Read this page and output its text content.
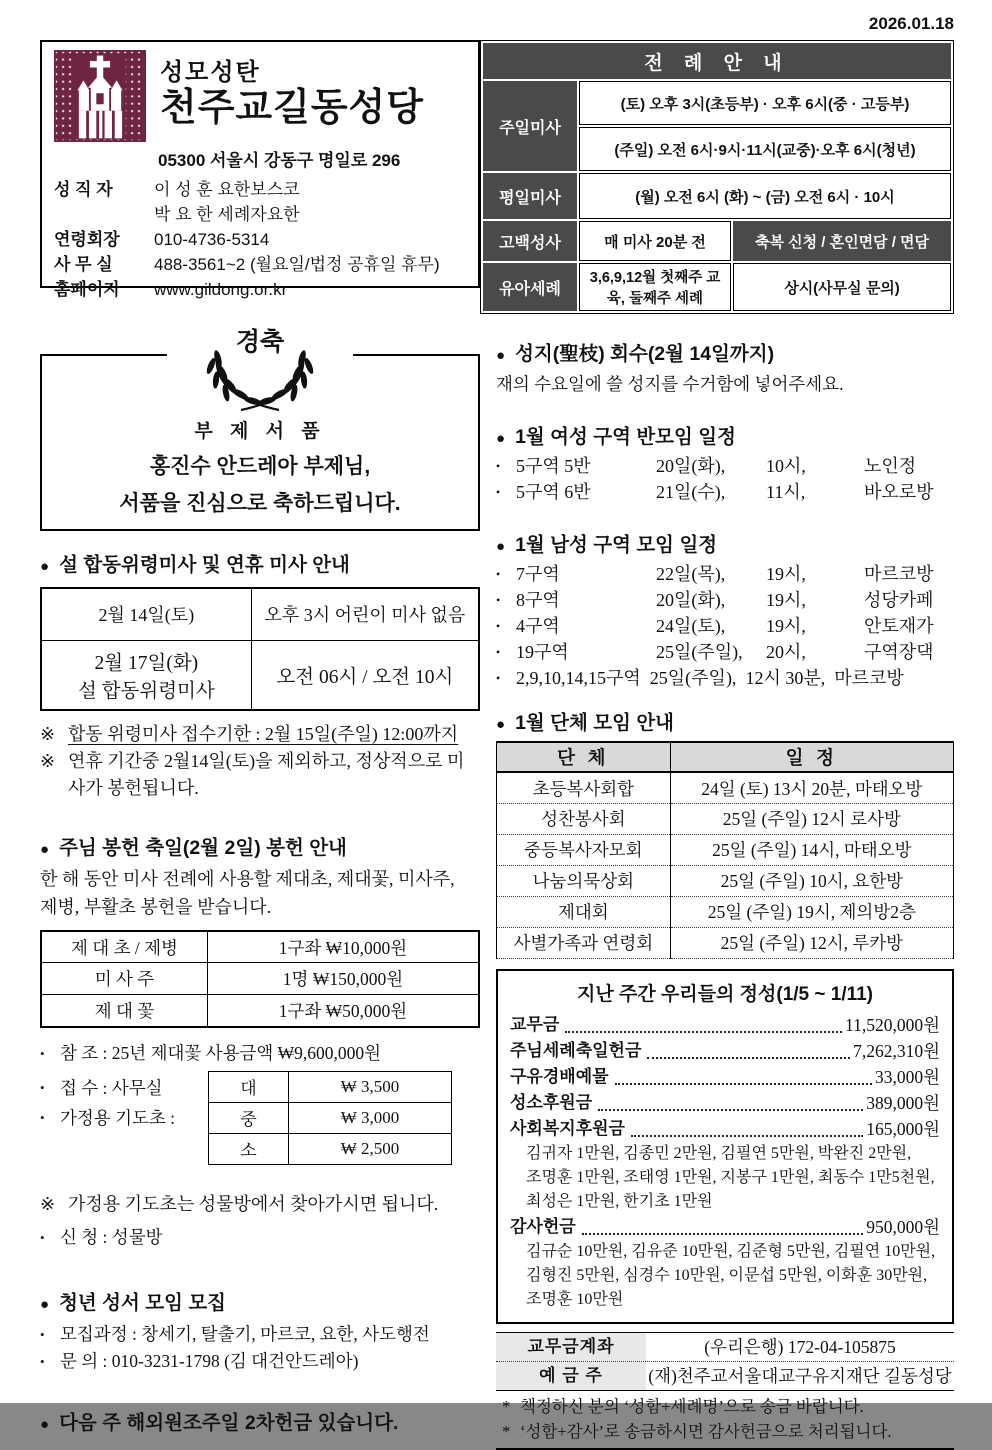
2026.01.18
성모성탄
천주교길동성당
05300 서울시 강동구 명일로 296
성 직 자	이 성 훈 요한보스코
박 요 한 세례자요한
연령회장	010-4736-5314
사 무 실	488-3561~2 (월요일/법정 공휴일 휴무)
홈페이지	www.gildong.or.kr
전 례 안 내		
주일미사	(토) 오후 3시(초등부) · 오후 6시(중 · 고등부)	
	(주일) 오전 6시·9시·11시(교중)·오후 6시(청년)	
평일미사	(월) 오전 6시 (화) ~ (금) 오전 6시 · 10시	
고백성사	매 미사 20분 전	축복 신청 / 혼인면담 / 면담
유아세례	3,6,9,12월 첫째주 교육, 둘째주 세례	상시(사무실 문의)
경축
부 제 서 품
홍진수 안드레아 부제님,
서품을 진심으로 축하드립니다.
● 설 합동위령미사 및 연휴 미사 안내
2월 14일(토)	오후 3시 어린이 미사 없음

2월 17일(화)
설 합동위령미사	오전 06시 / 오전 10시
※ 합동 위령미사 접수기한 : 2월 15일(주일) 12:00까지
※ 연휴 기간중 2월14일(토)을 제외하고, 정상적으로 미사가 봉헌됩니다.
● 주님 봉헌 축일(2월 2일) 봉헌 안내
한 해 동안 미사 전례에 사용할 제대초, 제대꽃, 미사주,
제병, 부활초 봉헌을 받습니다.
제 대 초 / 제병	1구좌 ₩10,000원
미 사 주	1명 ₩150,000원
제 대 꽃	1구좌 ₩50,000원
• 참 조 : 25년 제대꽃 사용금액 ₩9,600,000원
• 접 수 : 사무실
• 가정용 기도초 :
대	₩ 3,500
중	₩ 3,000
소	₩ 2,500
※ 가정용 기도초는 성물방에서 찾아가시면 됩니다.
• 신 청 : 성물방
● 청년 성서 모임 모집
• 모집과정 : 창세기, 탈출기, 마르코, 요한, 사도행전
• 문 의 : 010-3231-1798 (김 대건안드레아)
● 다음 주 해외원조주일 2차헌금 있습니다.
● 성지(聖枝) 회수(2월 14일까지)
재의 수요일에 쓸 성지를 수거함에 넣어주세요.
● 1월 여성 구역 반모임 일정
• 5구역 5반	20일(화),	10시,	노인정
• 5구역 6반	21일(수),	11시,	바오로방
● 1월 남성 구역 모임 일정
• 7구역	22일(목),	19시,	마르코방
• 8구역	20일(화),	19시,	성당카페
• 4구역	24일(토),	19시,	안토재가
• 19구역	25일(주일),	20시,	구역장댁
• 2,9,10,14,15구역 25일(주일), 12시 30분, 마르코방
● 1월 단체 모임 안내
단 체	일 정
초등복사회합	24일 (토) 13시 20분, 마태오방
성찬봉사회	25일 (주일) 12시 로사방
중등복사자모회	25일 (주일) 14시, 마태오방
나눔의묵상회	25일 (주일) 10시, 요한방
제대회	25일 (주일) 19시, 제의방2층
사별가족과 연령회	25일 (주일) 12시, 루카방
지난 주간 우리들의 정성(1/5 ~ 1/11)
교무금	11,520,000원
주님세례축일헌금	7,262,310원
구유경배예물	33,000원
성소후원금	389,000원
사회복지후원금	165,000원
김귀자 1만원, 김종민 2만원, 김필연 5만원, 박완진 2만원,
조명훈 1만원, 조태영 1만원, 지봉구 1만원, 최동수 1만5천원,
최성은 1만원, 한기초 1만원
감사헌금	950,000원
김규순 10만원, 김유준 10만원, 김준형 5만원, 김필연 10만원,
김형진 5만원, 심경수 10만원, 이문섭 5만원, 이화훈 30만원,
조명훈 10만원
교무금계좌	(우리은행) 172-04-105875
예 금 주	(재)천주교서울대교구유지재단 길동성당
* 책정하신 분의 ‘성함+세례명’으로 송금 바랍니다.
* ‘성함+감사’로 송금하시면 감사헌금으로 처리됩니다.
